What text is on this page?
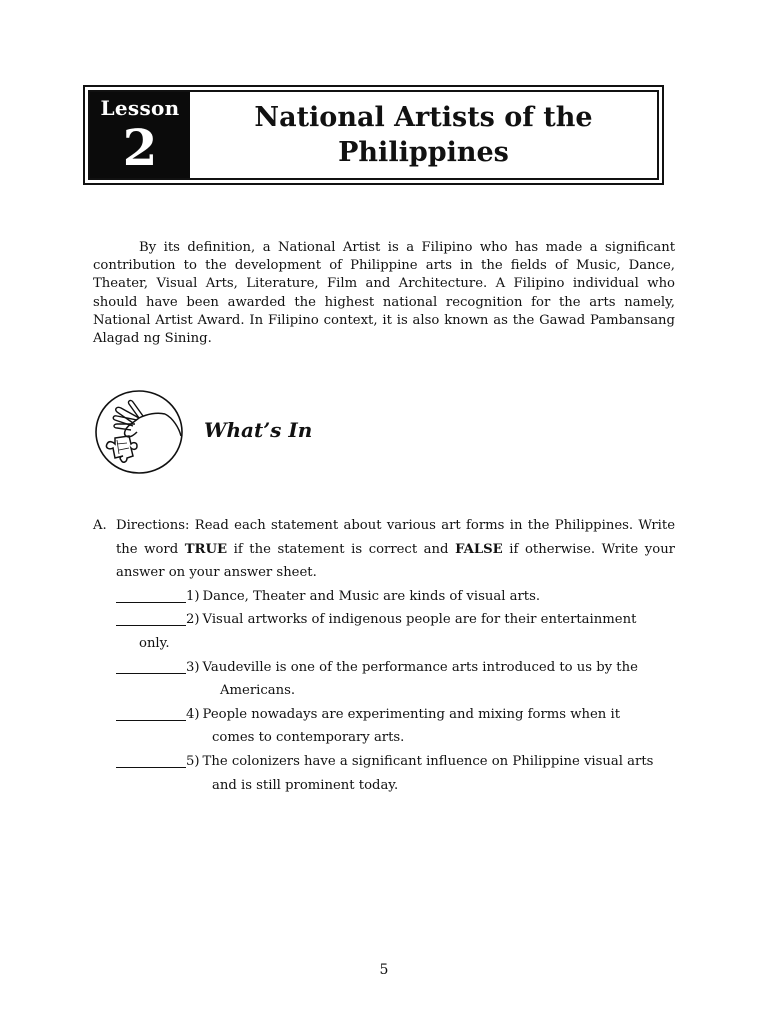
Lesson
2
National Artists of the Philippines

By its definition, a National Artist is a Filipino who has made a significant contribution to the development of Philippine arts in the fields of Music, Dance, Theater, Visual Arts, Literature, Film and Architecture. A Filipino individual who should have been awarded the highest national recognition for the arts namely, National Artist Award. In Filipino context, it is also known as the Gawad Pambansang Alagad ng Sining.

What’s In
A. Directions: Read each statement about various art forms in the Philippines. Write the word TRUE if the statement is correct and FALSE if otherwise. Write your answer on your answer sheet.
1) Dance, Theater and Music are kinds of visual arts.
2) Visual artworks of indigenous people are for their entertainment
only.
3) Vaudeville is one of the performance arts introduced to us by the
Americans.
4) People nowadays are experimenting and mixing forms when it
comes to contemporary arts.
5) The colonizers have a significant influence on Philippine visual arts
and is still prominent today.
5
